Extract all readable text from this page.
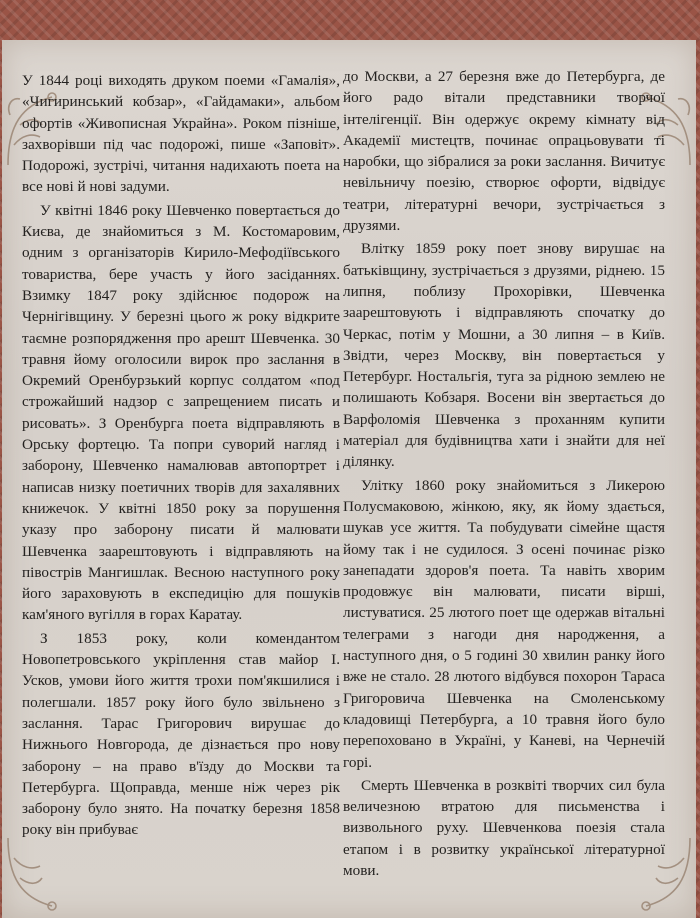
У 1844 році виходять друком поеми «Гамалія», «Чигиринський кобзар», «Гайдамаки», альбом офортів «Живописная Украйна». Роком пізніше, захворівши під час подорожі, пише «Заповіт». Подорожі, зустрічі, читання надихають поета на все нові й нові задуми.

У квітні 1846 року Шевченко повертається до Києва, де знайомиться з М. Костомаровим, одним з організаторів Кирило-Мефодіївського товариства, бере участь у його засіданнях. Взимку 1847 року здійснює подорож на Чернігівщину. У березні цього ж року відкрите таємне розпорядження про арешт Шевченка. 30 травня йому оголосили вирок про заслання в Окремий Оренбурзький корпус солдатом «под строжайший надзор с запрещением писать и рисовать». З Оренбурга поета відправляють в Орську фортецю. Та попри суворий нагляд і заборону, Шевченко намалював автопортрет і написав низку поетичних творів для захалявних книжечок. У квітні 1850 року за порушення указу про заборону писати й малювати Шевченка заарештовують і відправляють на півострів Мангишлак. Весною наступного року його зараховують в експедицію для пошуків кам'яного вугілля в горах Каратау.

З 1853 року, коли комендантом Новопетровського укріплення став майор І. Усков, умови його життя трохи пом'якшилися і полегшали. 1857 року його було звільнено з заслання. Тарас Григорович вирушає до Нижнього Новгорода, де дізнається про нову заборону – на право в'їзду до Москви та Петербурга. Щоправда, менше ніж через рік заборону було знято. На початку березня 1858 року він прибуває

до Москви, а 27 березня вже до Петербурга, де його радо вітали представники творчої інтелігенції. Він одержує окрему кімнату від Академії мистецтв, починає опрацьовувати ті наробки, що зібралися за роки заслання. Вичитує невільничу поезію, створює офорти, відвідує театри, літературні вечори, зустрічається з друзями.

Влітку 1859 року поет знову вирушає на батьківщину, зустрічається з друзями, ріднею. 15 липня, поблизу Прохорівки, Шевченка заарештовують і відправляють спочатку до Черкас, потім у Мошни, а 30 липня – в Київ. Звідти, через Москву, він повертається у Петербург. Ностальгія, туга за рідною землею не полишають Кобзаря. Восени він звертається до Варфоломія Шевченка з проханням купити матеріал для будівництва хати і знайти для неї ділянку.

Улітку 1860 року знайомиться з Ликерою Полусмаковою, жінкою, яку, як йому здається, шукав усе життя. Та побудувати сімейне щастя йому так і не судилося. З осені починає різко занепадати здоров'я поета. Та навіть хворим продовжує він малювати, писати вірші, листуватися. 25 лютого поет ще одержав вітальні телеграми з нагоди дня народження, а наступного дня, о 5 годині 30 хвилин ранку його вже не стало. 28 лютого відбувся похорон Тараса Григоровича Шевченка на Смоленському кладовищі Петербурга, а 10 травня його було перепоховано в Україні, у Каневі, на Чернечій горі.

Смерть Шевченка в розквіті творчих сил була величезною втратою для письменства і визвольного руху. Шевченкова поезія стала етапом і в розвитку української літературної мови.
